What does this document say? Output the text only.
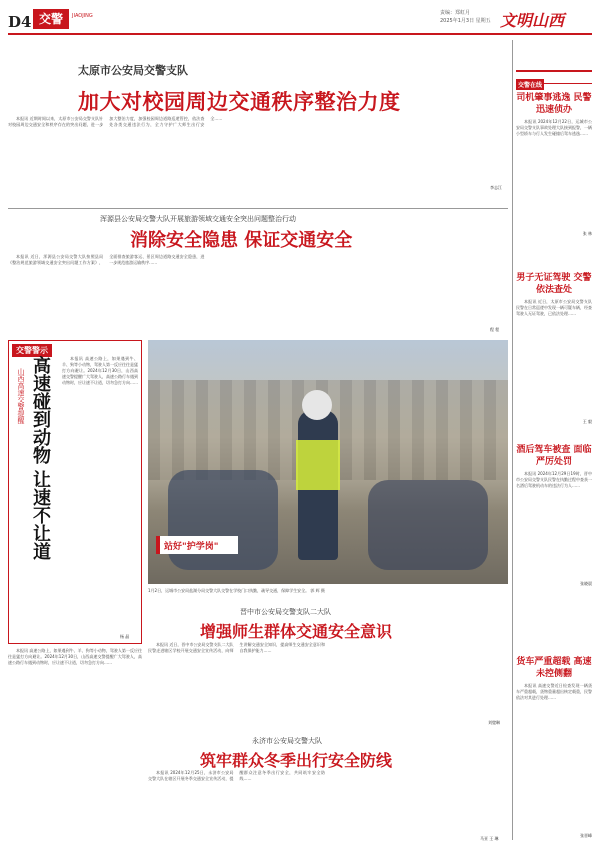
D4 交警	JIAOJING	责编：郑虹月
2025年1月3日 星期五 文明山西
太原市公安局交警支队
加大对校园周边交通秩序整治力度

本报讯 近期时间以来，太原市公安局交警支队针对校园周边交通安全和秩序存在的突出问题，进一步加大整治力度，加强校园周边道路巡逻管控，依法查处各类交通违法行为，全力守护广大师生出行安全……

李志江
浑源县公安局交警大队开展旅游领域交通安全突出问题整治行动
消除安全隐患 保证交通安全

本报讯 近日，浑源县公安局交警大队按照县局《整治规范旅游领域交通安全突出问题工作方案》，全面排查旅游客运、景区周边道路交通安全隐患，进一步规范旅游运输秩序……

程 程
交警警示
山西高速交警提醒 高速碰到动物 让速不让道	本报讯 高速公路上，如果遇到牛、羊、狗等小动物，驾驶人第一反应往往是猛打方向避让。2024年12月30日，山西高速交警提醒广大驾驶人，高速公路行车遇到动物时，应让速不让道，切勿急打方向……

杨 晶

本报讯 高速公路上，如果遇到牛、羊、狗等小动物，驾驶人第一反应往往是猛打方向避让。2024年12月30日，山西高速交警提醒广大驾驶人，高速公路行车遇到动物时，应让速不让道，切勿急打方向……

站好"护学岗"
1月2日，运城市公安局盐湖分局交警大队交警在学校门口执勤，疏导交通，保障学生安全。 郭 辉 摄
晋中市公安局交警支队二大队
增强师生群体交通安全意识

本报讯 近日，晋中市公安局交警支队二大队民警走进辖区学校开展交通安全宣传活动，向师生讲解交通安全知识，提高师生交通安全意识和自我保护能力……

刘璧琳
永济市公安局交警大队
筑牢群众冬季出行安全防线

本报讯 2024年12月25日，永济市公安局交警大队在辖区开展冬季交通安全宣传活动，提醒群众注意冬季出行安全，共同筑牢安全防线……

马亚 王 琳
交警在线
司机肇事逃逸 民警迅速侦办

本报讯 2024年12月22日，运城市公安局交警支队事故处理大队接到报警，一辆小型轿车与行人发生碰撞后驾车逃逸……

张 林
男子无证驾驶 交警依法查处

本报讯 近日，太原市公安局交警支队民警在日常巡逻中发现一辆可疑车辆，经查驾驶人无证驾驶，已依法处理……

王 毅
酒后驾车被查 面临严厉处罚

本报讯 2024年12月29日19时，晋中市公安局交警支队民警在执勤过程中查获一名酒后驾驶机动车的违法行为人……

张晓晨
货车严重超载 高速未控侧翻

本报讯 高速交警近日检查发现一辆货车严重超载，货物重量超出核定载重，民警依法对其进行处理……

张晋峰
